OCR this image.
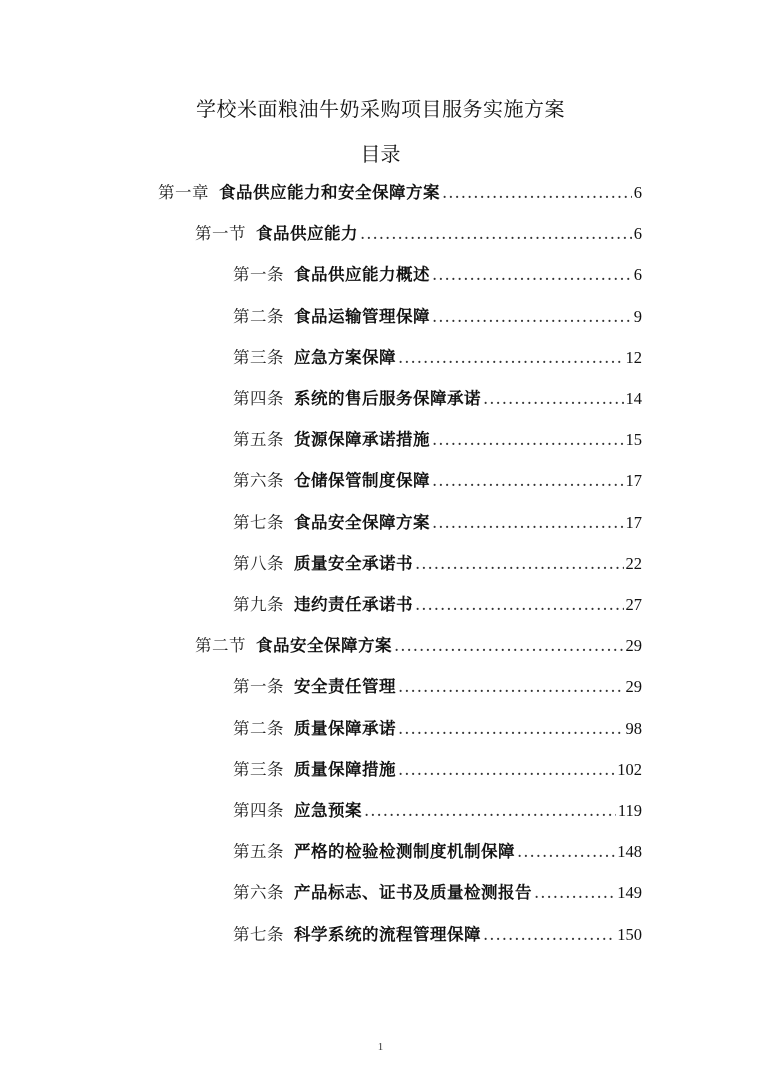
学校米面粮油牛奶采购项目服务实施方案
目录
第一章 食品供应能力和安全保障方案 .....	6
第一节 食品供应能力 .....	6
第一条 食品供应能力概述 .....	6
第二条 食品运输管理保障 .....	9
第三条 应急方案保障 .....	12
第四条 系统的售后服务保障承诺 .....	14
第五条 货源保障承诺措施 .....	15
第六条 仓储保管制度保障 .....	17
第七条 食品安全保障方案 .....	17
第八条 质量安全承诺书 .....	22
第九条 违约责任承诺书 .....	27
第二节 食品安全保障方案 .....	29
第一条 安全责任管理 .....	29
第二条 质量保障承诺 .....	98
第三条 质量保障措施 .....	102
第四条 应急预案 .....	119
第五条 严格的检验检测制度机制保障 .....	148
第六条 产品标志、证书及质量检测报告 .....	149
第七条 科学系统的流程管理保障 .....	150
1
